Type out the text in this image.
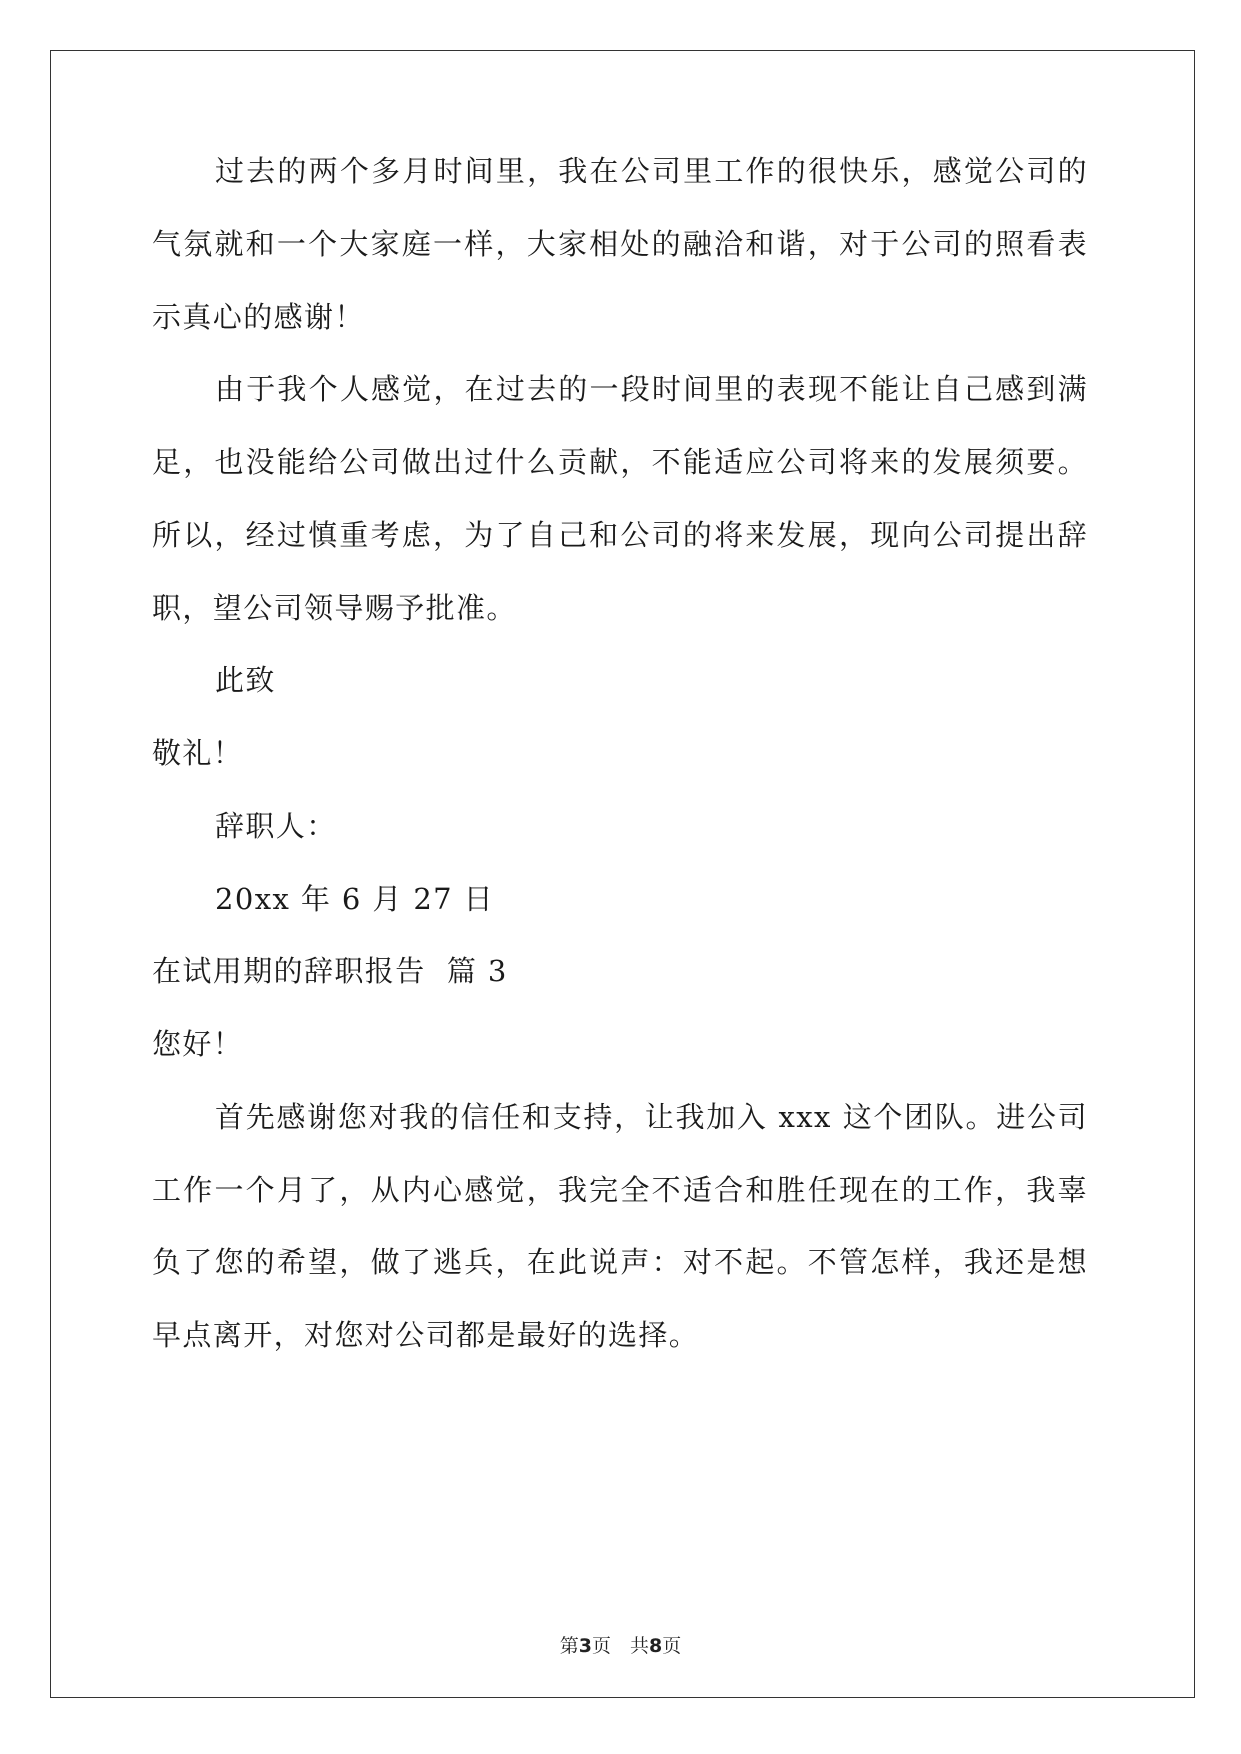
过去的两个多月时间里，我在公司里工作的很快乐，感觉公司的
气氛就和一个大家庭一样，大家相处的融洽和谐，对于公司的照看表
示真心的感谢！
由于我个人感觉，在过去的一段时间里的表现不能让自己感到满
足，也没能给公司做出过什么贡献，不能适应公司将来的发展须要。
所以，经过慎重考虑，为了自己和公司的将来发展，现向公司提出辞
职，望公司领导赐予批准。
此致
敬礼！
辞职人：
20xx 年 6 月 27 日
在试用期的辞职报告  篇 3
您好！
首先感谢您对我的信任和支持，让我加入 xxx 这个团队。进公司
工作一个月了，从内心感觉，我完全不适合和胜任现在的工作，我辜
负了您的希望，做了逃兵，在此说声：对不起。不管怎样，我还是想
早点离开，对您对公司都是最好的选择。
第3页　共8页
